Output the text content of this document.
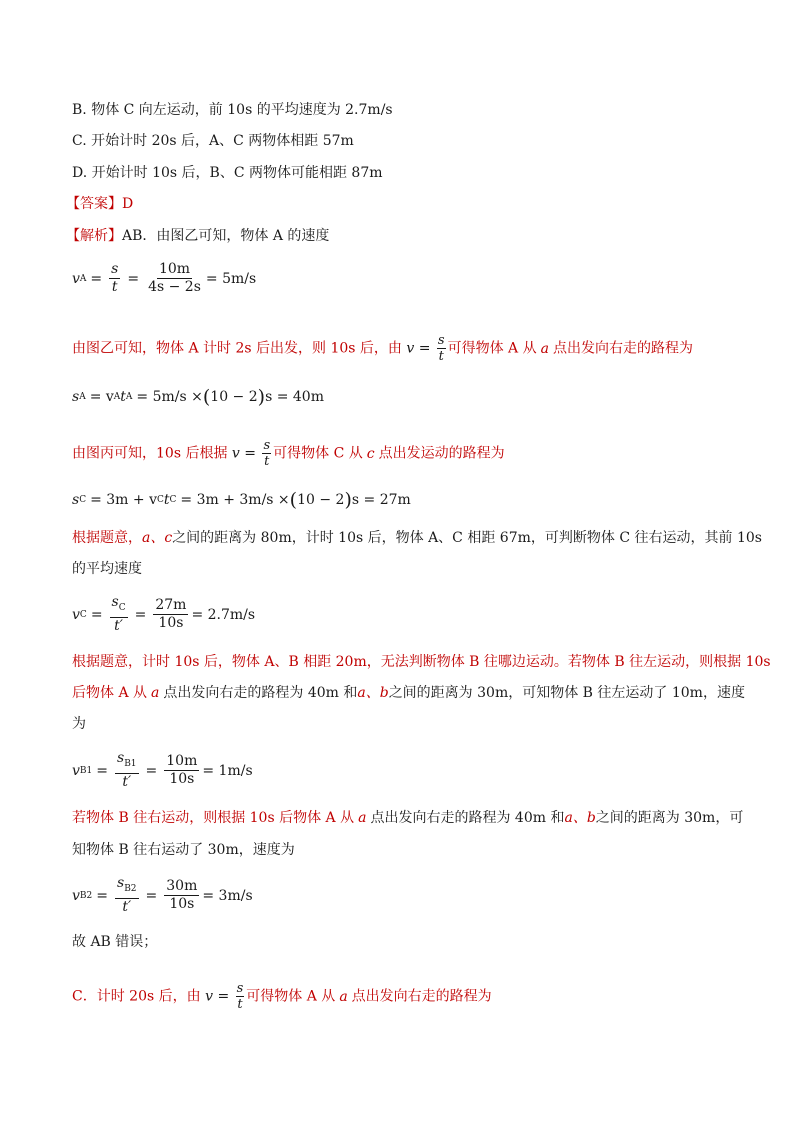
B. 物体 C 向左运动，前 10s 的平均速度为 2.7m/s
C. 开始计时 20s 后，A、C 两物体相距 57m
D. 开始计时 10s 后，B、C 两物体可能相距 87m
【答案】D
【解析】AB．由图乙可知，物体 A 的速度
v $A = \frac{s}{t} = \frac{10m}{4s - 2s} = 5m/s$
由图乙可知，物体 A 计时 2s 后出发，则 10s 后，由 $v = \frac{s}{t}$ 可得物体 A 从 a 点出发向右走的路程为
s A = v A t A = 5m/s × ( 10 − 2 ) s = 40m
由图丙可知，10s 后根据 $v = \frac{s}{t}$ 可得物体 C 从 c 点出发运动的路程为
s C = 3m + v C t C = 3m + 3m/s × ( 10 − 2 ) s = 27m
根据题意，a、c之间的距离为 80m，计时 10s 后，物体 A、C 相距 67m，可判断物体 C 往右运动，其前 10s
的平均速度
v $C = \frac{s_C}{t'} = \frac{27m}{10s} = 2.7m/s$
根据题意，计时 10s 后，物体 A、B 相距 20m，无法判断物体 B 往哪边运动。若物体 B 往左运动，则根据 10s
后物体 A 从 a 点出发向右走的路程为 40m 和a、b之间的距离为 30m，可知物体 B 往左运动了 10m，速度
为
v $B1 = \frac{s_{B1}}{t'} = \frac{10m}{10s} = 1m/s$
若物体 B 往右运动，则根据 10s 后物体 A 从 a 点出发向右走的路程为 40m 和a、b之间的距离为 30m，可
知物体 B 往右运动了 30m，速度为
v $B2 = \frac{s_{B2}}{t'} = \frac{30m}{10s} = 3m/s$
故 AB 错误；
C．计时 20s 后，由 $v = \frac{s}{t}$ 可得物体 A 从 a 点出发向右走的路程为
